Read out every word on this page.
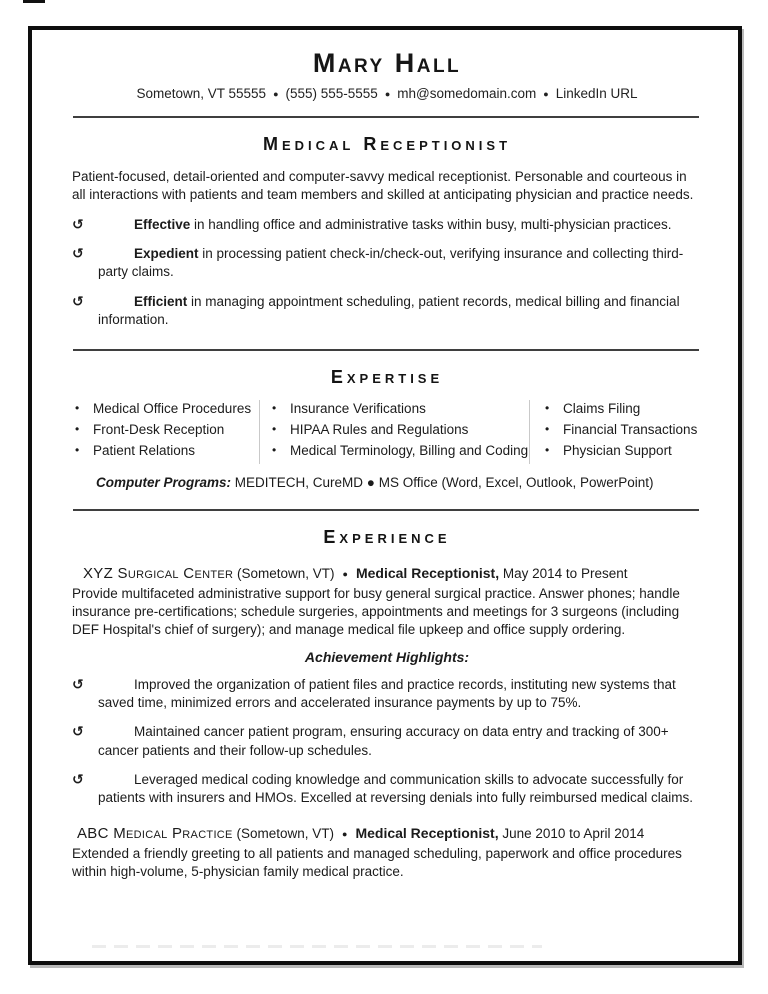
Mary Hall
Sometown, VT 55555 ● (555) 555-5555 ● mh@somedomain.com ● LinkedIn URL
Medical Receptionist

Patient-focused, detail-oriented and computer-savvy medical receptionist. Personable and courteous in all interactions with patients and team members and skilled at anticipating physician and practice needs.

↺	Effective in handling office and administrative tasks within busy, multi-physician practices.
↺	Expedient in processing patient check-in/check-out, verifying insurance and collecting third-party claims.
↺	Efficient in managing appointment scheduling, patient records, medical billing and financial information.
Expertise
•	Medical Office Procedures
•	Front-Desk Reception
•	Patient Relations
•	Insurance Verifications
•	HIPAA Rules and Regulations
•	Medical Terminology, Billing and Coding
•	Claims Filing
•	Financial Transactions
•	Physician Support
Computer Programs: MEDITECH, CureMD ● MS Office (Word, Excel, Outlook, PowerPoint)
Experience
XYZ Surgical Center (Sometown, VT) ● Medical Receptionist, May 2014 to Present

Provide multifaceted administrative support for busy general surgical practice. Answer phones; handle insurance pre-certifications; schedule surgeries, appointments and meetings for 3 surgeons (including DEF Hospital's chief of surgery); and manage medical file upkeep and office supply ordering.

Achievement Highlights:
↺	Improved the organization of patient files and practice records, instituting new systems that saved time, minimized errors and accelerated insurance payments by up to 75%.
↺	Maintained cancer patient program, ensuring accuracy on data entry and tracking of 300+ cancer patients and their follow-up schedules.
↺	Leveraged medical coding knowledge and communication skills to advocate successfully for patients with insurers and HMOs. Excelled at reversing denials into fully reimbursed medical claims.
ABC Medical Practice (Sometown, VT) ● Medical Receptionist, June 2010 to April 2014

Extended a friendly greeting to all patients and managed scheduling, paperwork and office procedures within high-volume, 5-physician family medical practice.
